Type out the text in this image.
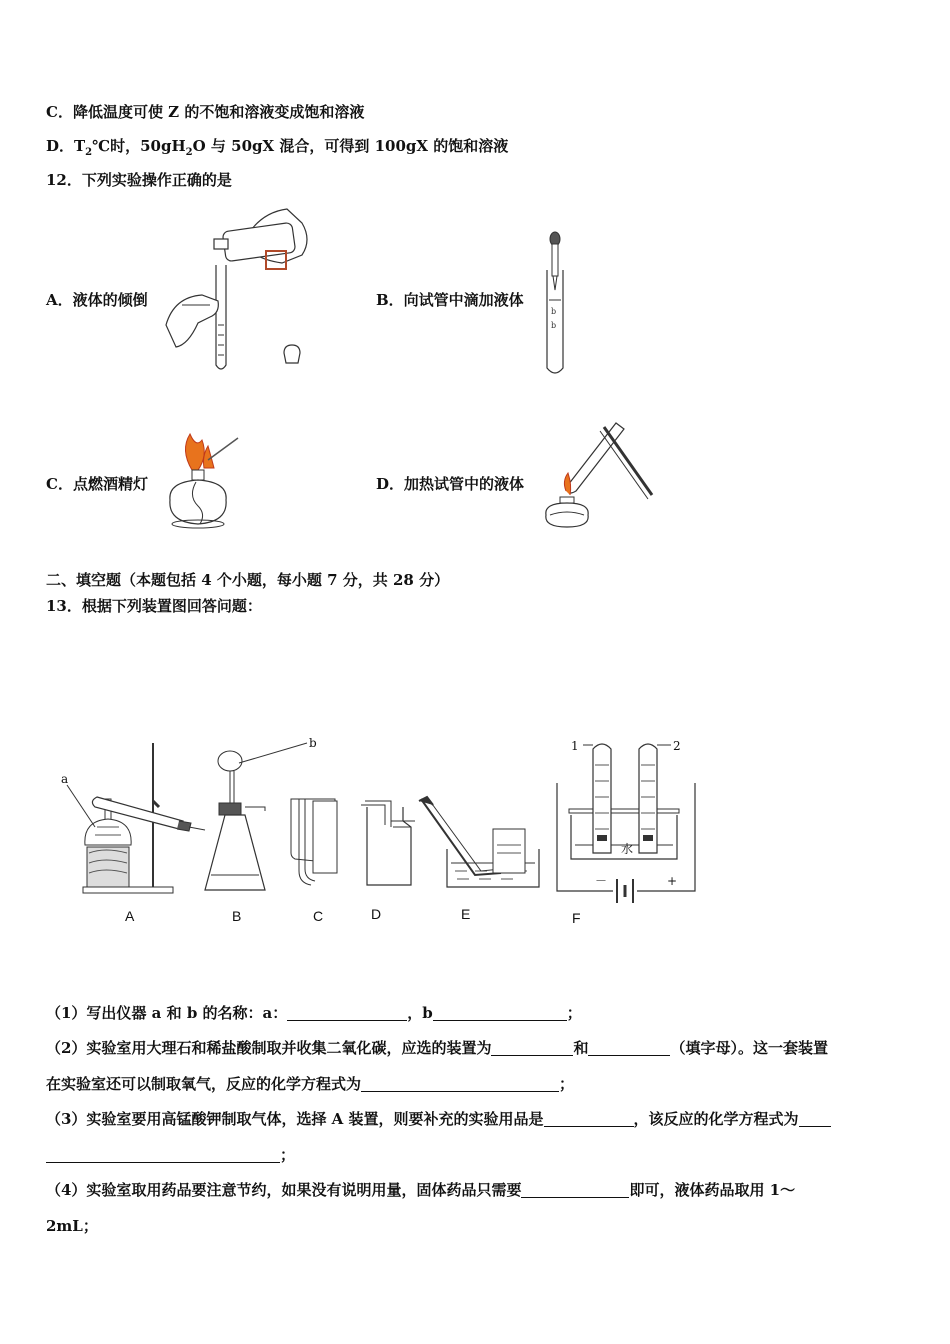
C．降低温度可使 Z 的不饱和溶液变成饱和溶液
D．$T_2℃$时，$50gH_2O$ 与 50gX 混合，可得到 100gX 的饱和溶液
12．下列实验操作正确的是
A．液体的倾倒	B．向试管中滴加液体
C．点燃酒精灯	D．加热试管中的液体
b
b
二、填空题（本题包括 4 个小题，每小题 7 分，共 28 分）
13．根据下列装置图回答问题：
a
b	1	2
水
－	+
A	B	C	D	E	F
（1）写出仪器 a 和 b 的名称：a：	，b	；
（2）实验室用大理石和稀盐酸制取并收集二氧化碳，应选的装置为	和	（填字母）。这一套装置
在实验室还可以制取氧气，反应的化学方程式为	；
（3）实验室要用高锰酸钾制取气体，选择 A 装置，则要补充的实验用品是	，该反应的化学方程式为
；
（4）实验室取用药品要注意节约，如果没有说明用量，固体药品只需要	即可，液体药品取用 1～
2mL；
